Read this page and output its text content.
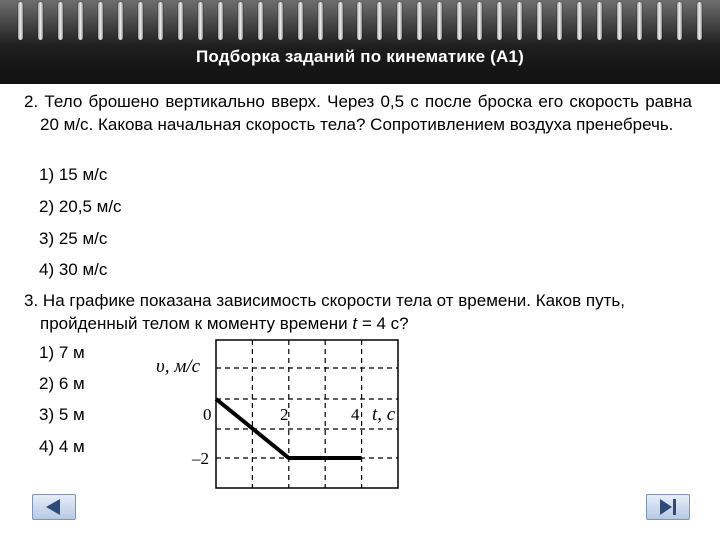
Подборка заданий по кинематике (А1)
2. Тело брошено вертикально вверх. Через 0,5 с после броска его скорость равна 20 м/с. Какова начальная скорость тела? Сопротивлением воздуха пренебречь.
1) 15 м/с
2) 20,5 м/с
3) 25 м/с
4) 30 м/с
3. На графике показана зависимость скорости тела от времени. Каков путь, пройденный телом к моменту времени t = 4 с?
1) 7 м
2) 6 м
3) 5 м
4) 4 м
υ, м/с
0	2	4 t, с
–2
